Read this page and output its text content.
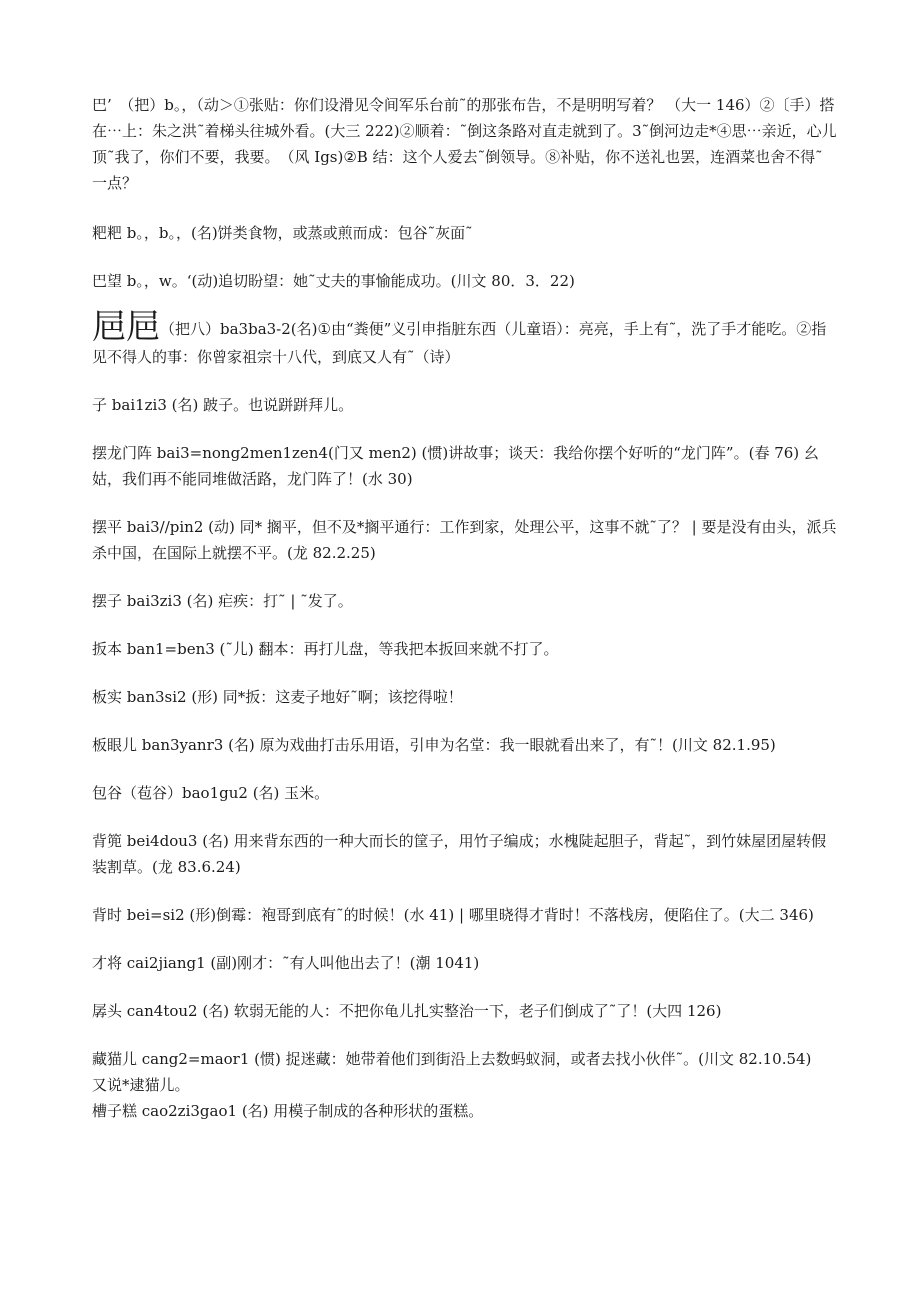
巴’　（把）b。，（动＞①张贴：你们设滑见令间军乐台前˜的那张布告，不是明明写着？ （大一 146）②〔手）搭在⋯上：朱之洪˜着梯头往城外看。(大三 222)②顺着：˜倒这条路对直走就到了。3˜倒河边走*④思⋯亲近，心儿顶˜我了，你们不要，我要。　（风 Igs)②B 结：这个人爱去˜倒领导。⑧补贴，你不送礼也罢，连酒菜也舍不得˜一点？

粑粑 b。，b。，(名)饼类食物，或蒸或煎而成：包谷˜灰面˜

巴望 b。，w。‘(动)追切盼望：她˜丈夫的事愉能成功。(川文 80．3．22)

㞎㞎（把八）ba3ba3-2(名)①由“粪便”义引申指脏东西（儿童语）：亮亮，手上有˜，洗了手才能吃。②指见不得人的事：你曾家祖宗十八代，到底又人有˜（诗）

子 bai1zi3 (名) 跛子。也说跰跰拜儿。

摆龙门阵 bai3=nong2men1zen4(门又 men2) (惯)讲故事；谈天：我给你摆个好听的“龙门阵”。(春 76) 幺姑，我们再不能同堆做活路，龙门阵了！(水 30)

摆平 bai3//pin2 (动) 同* 搁平，但不及*搁平通行：工作到家，处理公平，这事不就˜了？ | 要是没有由头，派兵杀中国，在国际上就摆不平。(龙 82.2.25)

摆子 bai3zi3 (名) 疟疾：打˜ | ˜发了。

扳本 ban1=ben3 (˜儿) 翻本：再打儿盘，等我把本扳回来就不打了。

板实 ban3si2 (形) 同*扳：这麦子地好˜啊；该挖得啦！

板眼儿 ban3yanr3 (名) 原为戏曲打击乐用语，引申为名堂：我一眼就看出来了，有˜！(川文 82.1.95)

包谷（苞谷）bao1gu2 (名) 玉米。

背篼 bei4dou3 (名) 用来背东西的一种大而长的筐子，用竹子编成；水槐陡起胆子，背起˜，到竹妹屋团屋转假装割草。(龙 83.6.24)

背时 bei=si2 (形)倒霉：袍哥到底有˜的时候！(水 41) | 哪里晓得才背时！不落栈房，便陷住了。(大二 346)

才将 cai2jiang1 (副)刚才：˜有人叫他出去了！(潮 1041)

孱头 can4tou2 (名) 软弱无能的人：不把你龟儿扎实整治一下，老子们倒成了˜了！(大四 126)

藏猫儿 cang2=maor1 (惯) 捉迷藏：她带着他们到街沿上去数蚂蚁洞，或者去找小伙伴˜。(川文 82.10.54)　又说*逮猫儿。

槽子糕 cao2zi3gao1 (名) 用模子制成的各种形状的蛋糕。
